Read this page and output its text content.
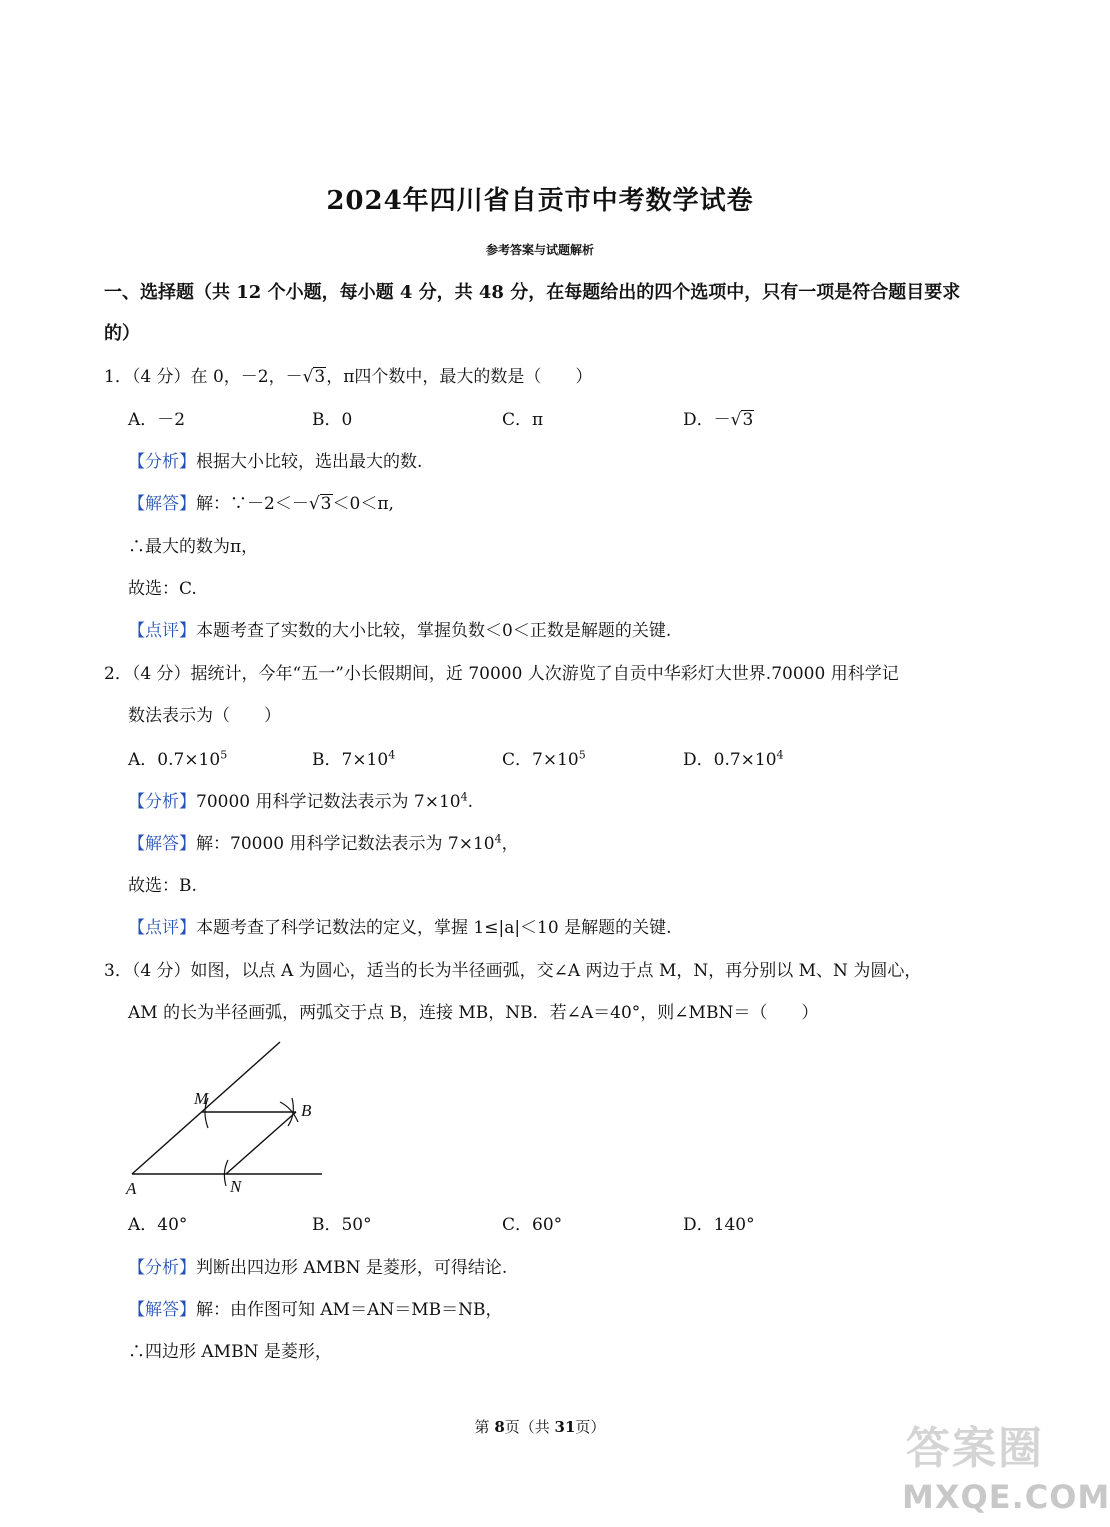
2024年四川省自贡市中考数学试卷
参考答案与试题解析
一、选择题（共 12 个小题，每小题 4 分，共 48 分，在每题给出的四个选项中，只有一项是符合题目要求
的）
1．（4 分）在 0，－2，－√3，π四个数中，最大的数是（　　）
A．－2	B．0	C．π	D．－√3
【分析】根据大小比较，选出最大的数.
【解答】解：∵－2＜－√3＜0＜π,
∴最大的数为π，
故选：C.
【点评】本题考查了实数的大小比较，掌握负数＜0＜正数是解题的关键.
2．（4 分）据统计，今年“五一”小长假期间，近 70000 人次游览了自贡中华彩灯大世界.70000 用科学记
数法表示为（　　）
A．$0.7\times 10^5$	B．$7\times 10^4$	C．$7\times 10^5$	D．$0.7\times 10^4$
【分析】70000 用科学记数法表示为 $7\times 10^4$.
【解答】解：70000 用科学记数法表示为 $7\times 10^4$，
故选：B.
【点评】本题考查了科学记数法的定义，掌握 1≤|a|＜10 是解题的关键.
3．（4 分）如图，以点 A 为圆心，适当的长为半径画弧，交∠A 两边于点 M，N，再分别以 M、N 为圆心，
AM 的长为半径画弧，两弧交于点 B，连接 MB，NB．若∠A＝40°，则∠MBN＝（　　）
M
B
A	N
A．40°	B．50°	C．60°	D．140°
【分析】判断出四边形 AMBN 是菱形，可得结论.
【解答】解：由作图可知 AM＝AN＝MB＝NB，
∴四边形 AMBN 是菱形，
第 8页（共 31页）	答案圈
MXQE.COM
